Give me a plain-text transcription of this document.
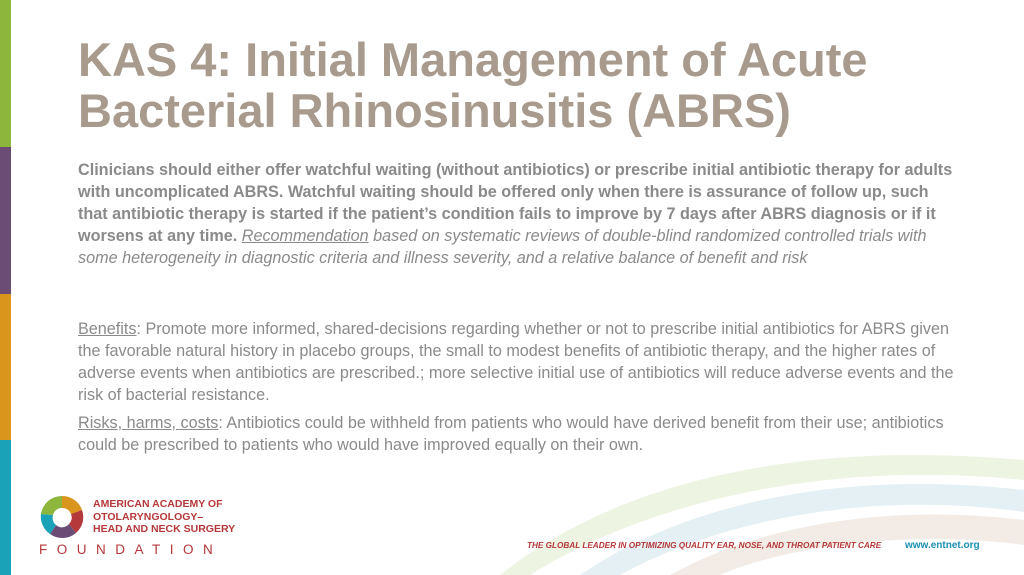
KAS 4: Initial Management of Acute Bacterial Rhinosinusitis (ABRS)

Clinicians should either offer watchful waiting (without antibiotics) or prescribe initial antibiotic therapy for adults with uncomplicated ABRS. Watchful waiting should be offered only when there is assurance of follow up, such that antibiotic therapy is started if the patient’s condition fails to improve by 7 days after ABRS diagnosis or if it worsens at any time. Recommendation based on systematic reviews of double-blind randomized controlled trials with some heterogeneity in diagnostic criteria and illness severity, and a relative balance of benefit and risk

Benefits: Promote more informed, shared-decisions regarding whether or not to prescribe initial antibiotics for ABRS given the favorable natural history in placebo groups, the small to modest benefits of antibiotic therapy, and the higher rates of adverse events when antibiotics are prescribed.; more selective initial use of antibiotics will reduce adverse events and the risk of bacterial resistance.

Risks, harms, costs: Antibiotics could be withheld from patients who would have derived benefit from their use; antibiotics could be prescribed to patients who would have improved equally on their own.

AMERICAN ACADEMY OF
OTOLARYNGOLOGY–
HEAD AND NECK SURGERY

FOUNDATION	THE GLOBAL LEADER IN OPTIMIZING QUALITY EAR, NOSE, AND THROAT PATIENT CARE www.entnet.org
